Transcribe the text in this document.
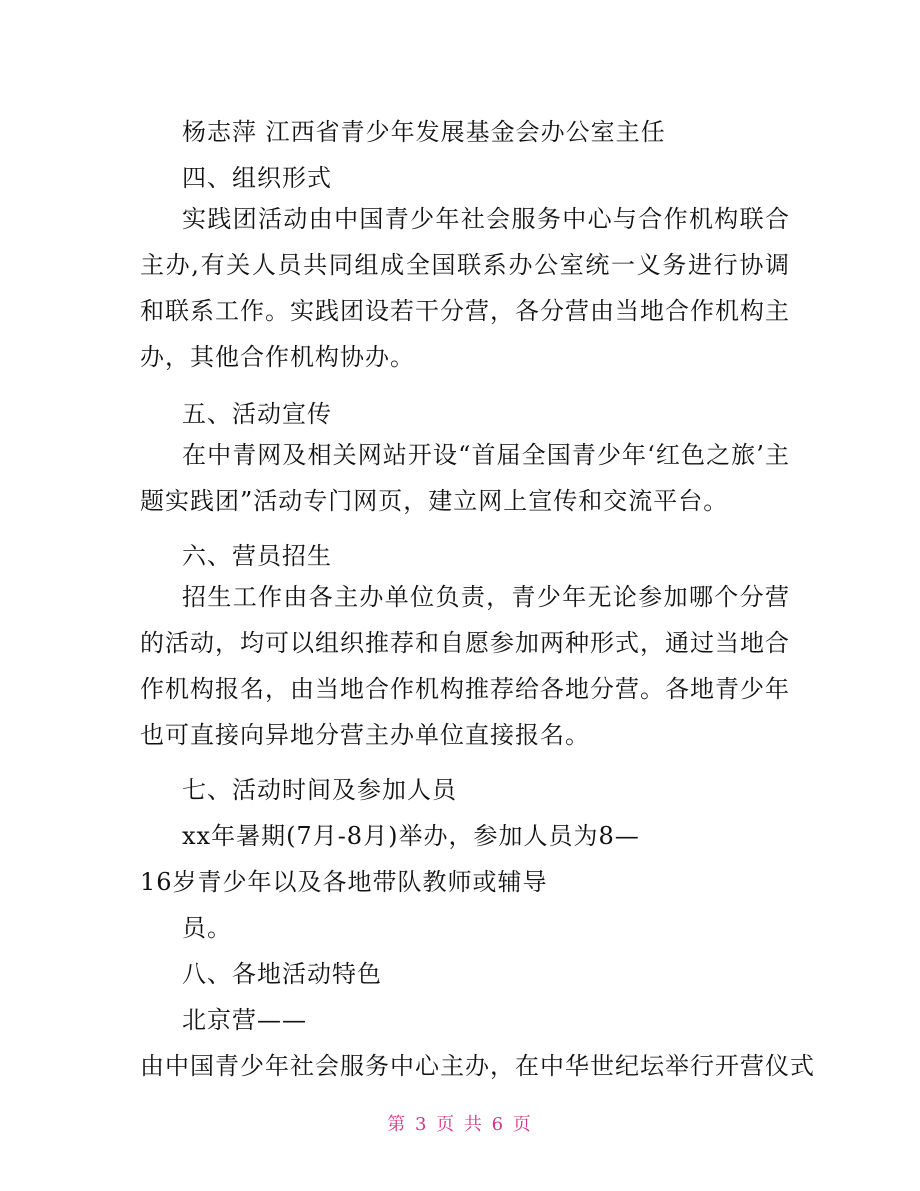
杨志萍 江西省青少年发展基金会办公室主任
四、组织形式

实践团活动由中国青少年社会服务中心与合作机构联合主办,有关人员共同组成全国联系办公室统一义务进行协调和联系工作。实践团设若干分营，各分营由当地合作机构主办，其他合作机构协办。

五、活动宣传

在中青网及相关网站开设“首届全国青少年‘红色之旅’主题实践团”活动专门网页，建立网上宣传和交流平台。

六、营员招生

招生工作由各主办单位负责，青少年无论参加哪个分营的活动，均可以组织推荐和自愿参加两种形式，通过当地合作机构报名，由当地合作机构推荐给各地分营。各地青少年也可直接向异地分营主办单位直接报名。

七、活动时间及参加人员
xx年暑期(7月-8月)举办，参加人员为8—
16岁青少年以及各地带队教师或辅导
员。
八、各地活动特色
北京营——
由中国青少年社会服务中心主办，在中华世纪坛举行开营仪式
第 3 页 共 6 页
